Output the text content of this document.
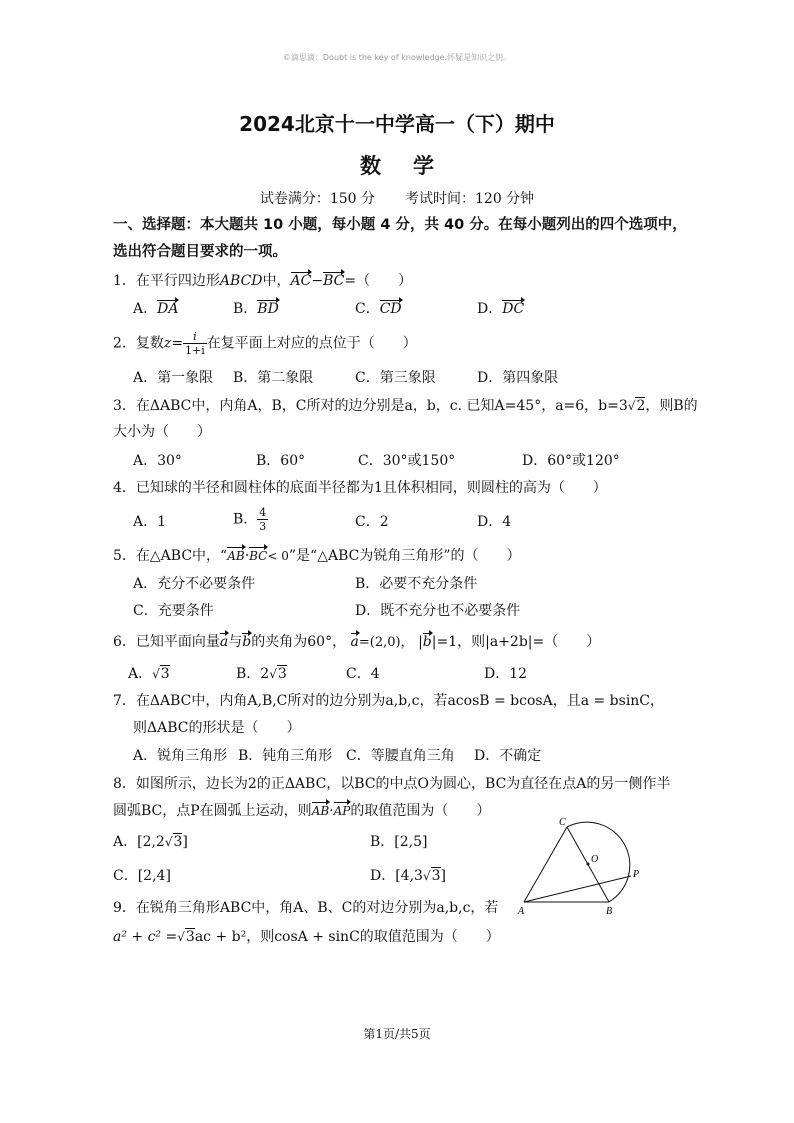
©滴思滴：Doubt is the key of knowledge.怀疑是知识之钥。
2024北京十一中学高一（下）期中
数学
试卷满分：150 分 考试时间：120 分钟
一、选择题：本大题共 10 小题，每小题 4 分，共 40 分。在每小题列出的四个选项中，选出符合题目要求的一项。
1．在平行四边形ABCD中，AC−BC=（　　）
A．DA	B．BD	C．CD	D．DC
2．复数$z= \frac{i}{1+i}$ 在复平面上对应的点位于（　　）
A．第一象限 B．第二象限	C．第三象限	D．第四象限
3．在ΔABC中，内角A，B，C所对的边分别是a，b，c. 已知A=45°，a=6，b=3√2，则B的
大小为（　　）
A．30°	B．60°	C．30°或150°	D．60°或120°
4．已知球的半径和圆柱体的底面半径都为1且体积相同，则圆柱的高为（　　）
A．1	B． $\frac{4}{3}$	C．2	D．4
5．在△ABC中，“AB·BC< 0”是“△ABC为锐角三角形”的（　　）
A．充分不必要条件	B．必要不充分条件
C．充要条件	D．既不充分也不必要条件
6．已知平面向量a与b的夹角为60°， a=(2,0)， |b|=1，则|a+2b|=（　　）
A．√3	B．2√3	C．4	D．12
7．在ΔABC中，内角A,B,C所对的边分别为a,b,c，若acosB = bcosA，且a = bsinC，
则ΔABC的形状是（　　）
A．锐角三角形 B．钝角三角形 C．等腰直角三角 D．不确定
8．如图所示，边长为2的正ΔABC，以BC的中点O为圆心，BC为直径在点A的另一侧作半
圆弧BC，点P在圆弧上运动，则AB·AP的取值范围为（　　）
A．[2,2√3]	B．[2,5]
C．[2,4]	D．[4,3√3]
C
O
P
A	B
9．在锐角三角形ABC中，角A、B、C的对边分别为a,b,c，若
a² + c² =√3ac + b²，则cosA + sinC的取值范围为（　　）
第1页/共5页
